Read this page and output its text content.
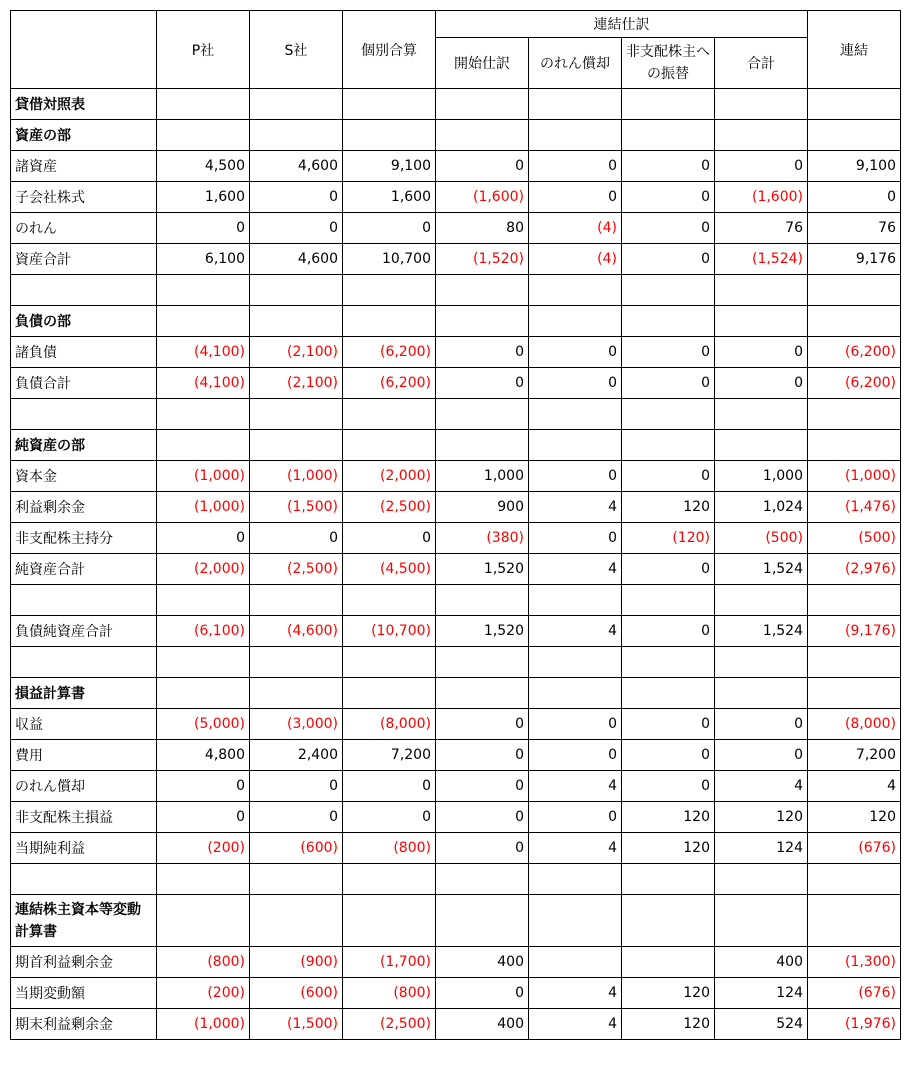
	P社	S社	個別合算	連結仕訳				連結
				開始仕訳	のれん償却	非支配株主への振替	合計	
貸借対照表								
資産の部								
諸資産	4,500	4,600	9,100	0	0	0	0	9,100
子会社株式	1,600	0	1,600	(1,600)	0	0	(1,600)	0
のれん	0	0	0	80	(4)	0	76	76
資産合計	6,100	4,600	10,700	(1,520)	(4)	0	(1,524)	9,176

負債の部								
諸負債	(4,100)	(2,100)	(6,200)	0	0	0	0	(6,200)
負債合計	(4,100)	(2,100)	(6,200)	0	0	0	0	(6,200)

純資産の部								
資本金	(1,000)	(1,000)	(2,000)	1,000	0	0	1,000	(1,000)
利益剰余金	(1,000)	(1,500)	(2,500)	900	4	120	1,024	(1,476)
非支配株主持分	0	0	0	(380)	0	(120)	(500)	(500)
純資産合計	(2,000)	(2,500)	(4,500)	1,520	4	0	1,524	(2,976)

負債純資産合計	(6,100)	(4,600)	(10,700)	1,520	4	0	1,524	(9,176)

損益計算書								
収益	(5,000)	(3,000)	(8,000)	0	0	0	0	(8,000)
費用	4,800	2,400	7,200	0	0	0	0	7,200
のれん償却	0	0	0	0	4	0	4	4
非支配株主損益	0	0	0	0	0	120	120	120
当期純利益	(200)	(600)	(800)	0	4	120	124	(676)

連結株主資本等変動計算書								
期首利益剰余金	(800)	(900)	(1,700)	400			400	(1,300)
当期変動額	(200)	(600)	(800)	0	4	120	124	(676)
期末利益剰余金	(1,000)	(1,500)	(2,500)	400	4	120	524	(1,976)
